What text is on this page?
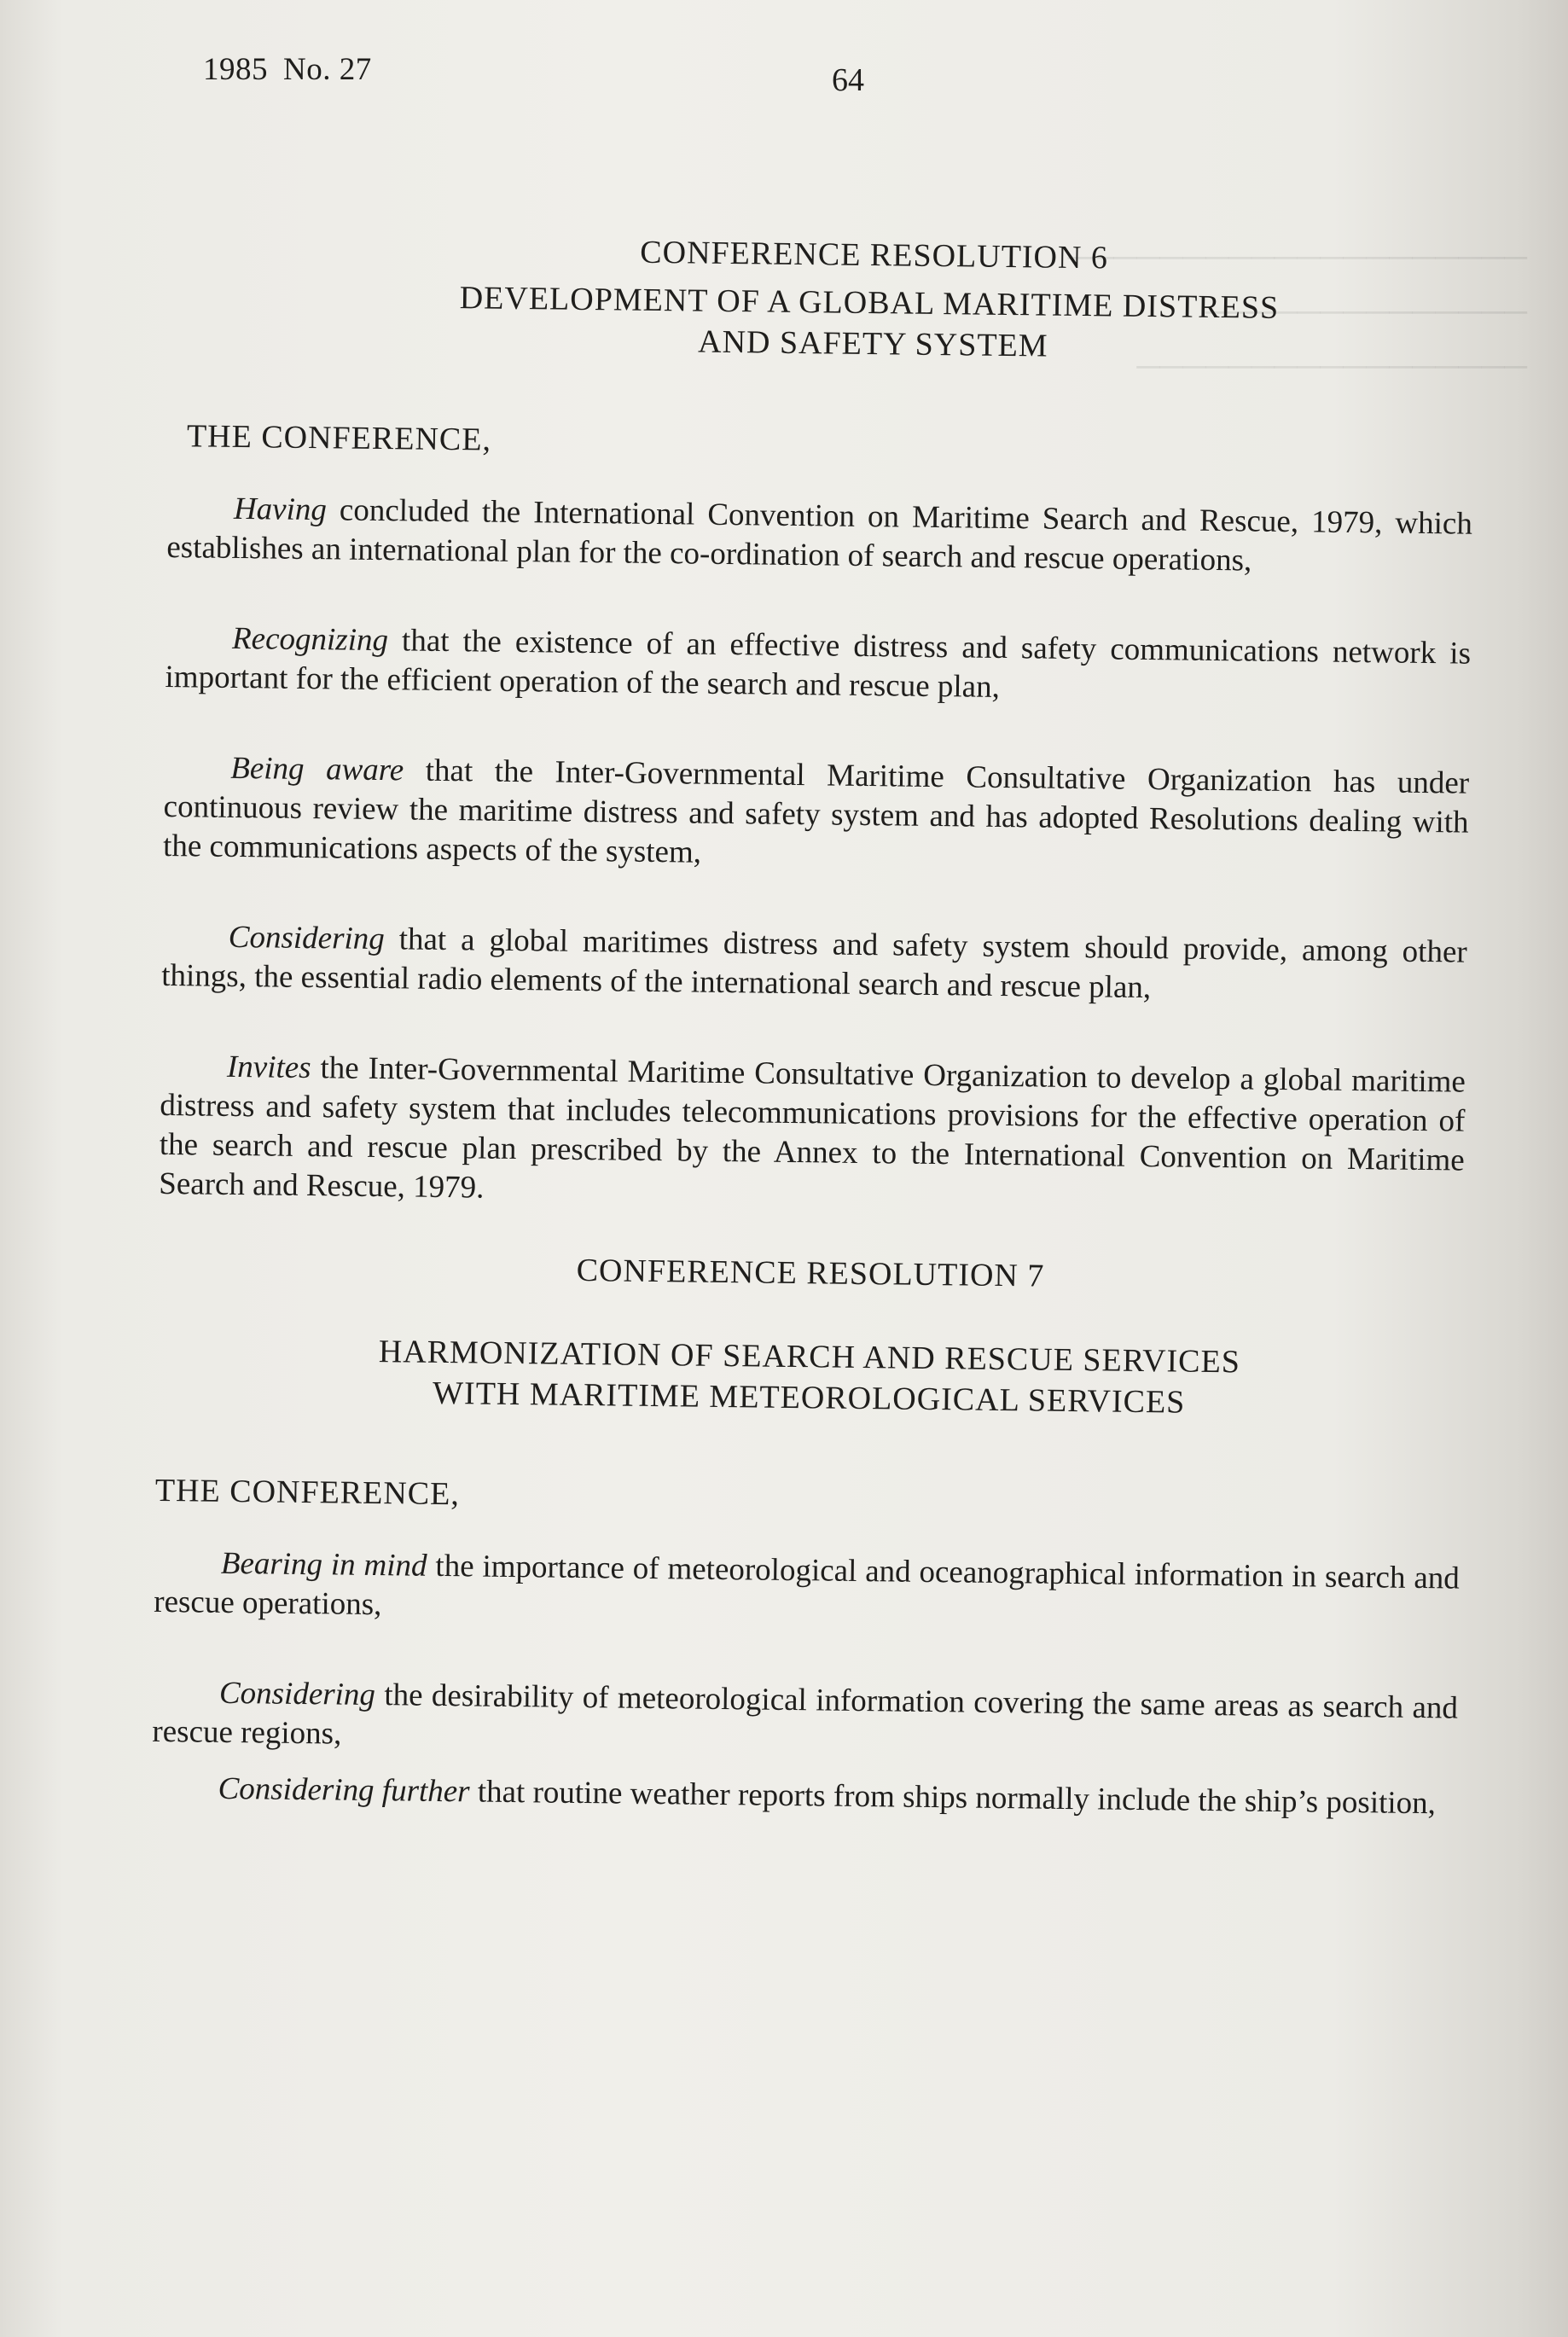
────────────────────
──────────────
─────────────────
1985 No. 27	64

CONFERENCE RESOLUTION 6

DEVELOPMENT OF A GLOBAL MARITIME DISTRESS

AND SAFETY SYSTEM

THE CONFERENCE,

Having concluded the International Convention on Maritime Search and Rescue, 1979, which establishes an international plan for the co-ordination of search and rescue operations,

Recognizing that the existence of an effective distress and safety communications network is important for the efficient operation of the search and rescue plan,

Being aware that the Inter-Governmental Maritime Consultative Organization has under continuous review the maritime distress and safety system and has adopted Resolutions dealing with the communications aspects of the system,

Considering that a global maritimes distress and safety system should provide, among other things, the essential radio elements of the international search and rescue plan,

Invites the Inter-Governmental Maritime Consultative Organization to develop a global maritime distress and safety system that includes telecommunications provisions for the effective operation of the search and rescue plan prescribed by the Annex to the International Convention on Maritime Search and Rescue, 1979.

CONFERENCE RESOLUTION 7

HARMONIZATION OF SEARCH AND RESCUE SERVICES

WITH MARITIME METEOROLOGICAL SERVICES

THE CONFERENCE,

Bearing in mind the importance of meteorological and oceanographical information in search and rescue operations,

Considering the desirability of meteorological information covering the same areas as search and rescue regions,

Considering further that routine weather reports from ships normally include the ship’s position,
